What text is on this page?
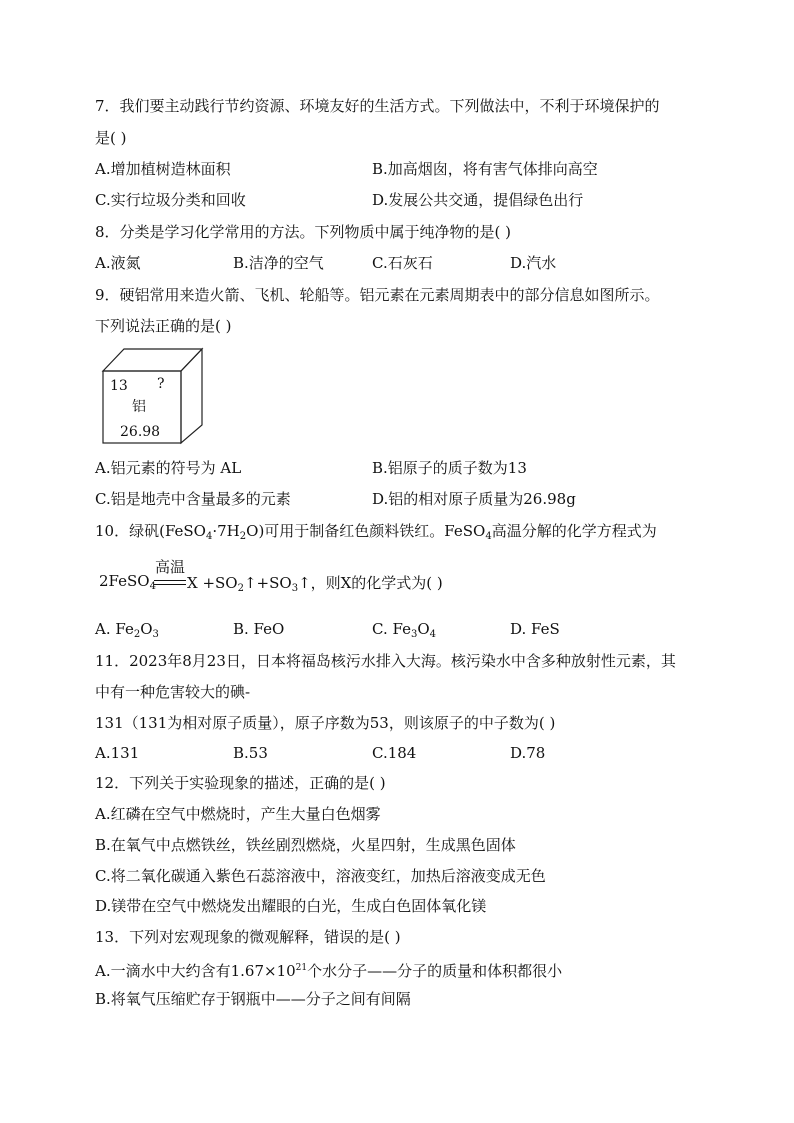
7．我们要主动践行节约资源、环境友好的生活方式。下列做法中，不利于环境保护的
是( )
A.增加植树造林面积	B.加高烟囱，将有害气体排向高空
C.实行垃圾分类和回收	D.发展公共交通，提倡绿色出行
8．分类是学习化学常用的方法。下列物质中属于纯净物的是( )
A.液氮	B.洁净的空气	C.石灰石	D.汽水
9．硬铝常用来造火箭、飞机、轮船等。铝元素在元素周期表中的部分信息如图所示。
下列说法正确的是( )
13 ?
铝
26.98
A.铝元素的符号为 AL	B.铝原子的质子数为13
C.铝是地壳中含量最多的元素	D.铝的相对原子质量为26.98g
10．绿矾$(FeSO_4\cdot 7H_2O)$可用于制备红色颜料铁红。FeSO$_4$高温分解的化学方程式为
2FeSO$_4$
高温
$X +SO_2↑+SO_3↑$，则X的化学式为( )
A. $Fe_2O_3$	B. FeO	C. $Fe_3O_4$	D. FeS
11．2023年8月23日，日本将福岛核污水排入大海。核污染水中含多种放射性元素，其
中有一种危害较大的碘-
131（131为相对原子质量），原子序数为53，则该原子的中子数为( )
A.131	B.53	C.184	D.78
12．下列关于实验现象的描述，正确的是( )
A.红磷在空气中燃烧时，产生大量白色烟雾
B.在氧气中点燃铁丝，铁丝剧烈燃烧，火星四射，生成黑色固体
C.将二氧化碳通入紫色石蕊溶液中，溶液变红，加热后溶液变成无色
D.镁带在空气中燃烧发出耀眼的白光，生成白色固体氧化镁
13．下列对宏观现象的微观解释，错误的是( )
A.一滴水中大约含有$1.67\times 10^{21}$个水分子——分子的质量和体积都很小
B.将氧气压缩贮存于钢瓶中——分子之间有间隔
